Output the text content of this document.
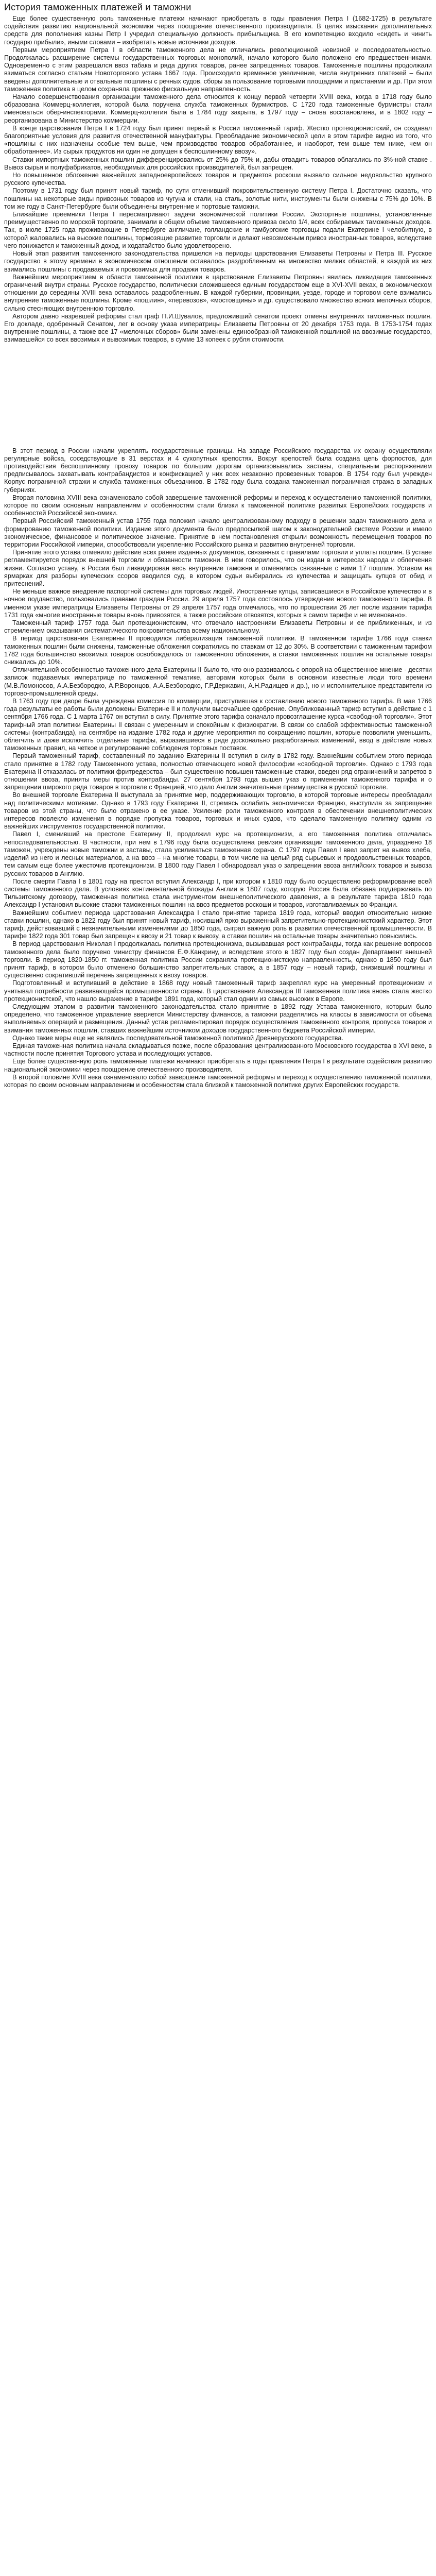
История таможенных платежей и таможни

Еще более существенную роль таможенные платежи начинают приобретать в годы правления Петра I (1682-1725) в результате содействия развитию национальной экономики через поощрение отечественного производителя. В целях изыскания дополнительных средств для пополнения казны Петр I учредил специальную должность прибыльщика. В его компетенцию входило «сидеть и чинить государю прибыли», иными словами – изобретать новые источники доходов.

Первым мероприятием Петра I в области таможенного дела не отличались революционной новизной и последовательностью. Продолжалась расширение системы государственных торговых монополий, начало которого было положено его предшественниками. Одновременно с этим разрешался ввоз табака и ряда других товаров, ранее запрещенных товаров. Таможенные пошлины продолжали взиматься согласно статьям Новоторгового устава 1667 года. Происходило временное увеличение, числа внутренних платежей – были введены дополнительные и отвальные пошлины с речных судов, сборы за пользование торговыми площадями и пристанями и др. При этом таможенная политика в целом сохраняла прежнюю фискальную направленность.

Начало совершенствования организации таможенного дела относится к концу первой четверти XVIII века, когда в 1718 году было образована Коммерц-коллегия, которой была поручена служба таможенных бурмистров. С 1720 года таможенные бурмистры стали именоваться обер-инспекторами. Коммерц-коллегия была в 1784 году закрыта, в 1797 году – снова восстановлена, и в 1802 году – реорганизована в Министерство коммерции.

В конце царствования Петра I в 1724 году был принят первый в России таможенный тариф. Жестко протекционистский, он создавал благоприятные условия для развития отечественной мануфактуры. Преобладание экономической цели в этом тарифе видно из того, что «пошлины с них назначены особые тем выше, чем производство товаров обработаннее, и наоборот, тем выше тем ниже, чем он обработаннее». Из сырых продуктов ни один не допущен к беспошлинному ввозу».

Ставки импортных таможенных пошлин дифференцировались от 25% до 75% и, дабы отвадить товаров облагались по 3%-ной ставке . Вывоз сырья и полуфабрикатов, необходимых для российских производителей, был запрещен.

Но повышенное обложение важнейших западноевропейских товаров и предметов роскоши вызвало сильное недовольство крупного русского купечества.

Поэтому в 1731 году был принят новый тариф, по сути отменивший покровительственную систему Петра I. Достаточно сказать, что пошлины на некоторые виды привозных товаров из чугуна и стали, на сталь, золотые нити, инструменты были снижены с 75% до 10%. В том же году в Санкт-Петербурге были объединены внутренние и портовые таможни.

Ближайшие преемники Петра I пересматривают задачи экономической политики России. Экспортные пошлины, установленные преимущественно по морской торговле, занимали в общем объеме таможенного привоза около 1/4, всех собираемых таможенных доходов. Так, в июле 1725 года проживающие в Петербурге англичане, голландские и гамбургские торговцы подали Екатерине I челобитную, в которой жаловались на высокие пошлины, тормозящие развитие торговли и делают невозможным привоз иностранных товаров, вследствие чего понижается и таможенный доход, и ходатайство было удовлетворено.

Новый этап развития таможенного законодательства пришелся на периоды царствования Елизаветы Петровны и Петра III. Русское государство в этому времени в экономическом отношении оставалось раздробленным на множество мелких областей, в каждой из них взимались пошлины с продаваемых и провозимых для продажи товаров.

Важнейшим мероприятием в области таможенной политики в царствование Елизаветы Петровны явилась ликвидация таможенных ограничений внутри страны. Русское государство, политически сложившееся единым государством еще в XVI-XVII веках, в экономическом отношении до середины XVIII века оставалось раздробленным. В каждой губернии, провинции, уезде, городе и торговом селе взимались внутренние таможенные пошлины. Кроме «пошлин», «перевозов», «мостовщины» и др. существовало множество всяких мелочных сборов, сильно стесняющих внутреннюю торговлю.

Автором давно назревшей реформы стал граф П.И.Шувалов, предложивший сенатом проект отмены внутренних таможенных пошлин. Его докладе, одобренный Сенатом, лег в основу указа императрицы Елизаветы Петровны от 20 декабря 1753 года. В 1753-1754 годах внутренние пошлины, а также все 17 «мелочных сборов» были заменены единообразной таможенной пошлиной на ввозимые государство, взимавшейся со всех ввозимых и вывозимых товаров, в сумме 13 копеек с рубля стоимости.

В этот период в России начали укреплять государственные границы. На западе Российского государства их охрану осуществляли регулярные войска, соседствующие в 31 верстах и 4 сухопутных крепостях. Вокруг крепостей была создана цепь форпостов, для противодействия беспошлинному провозу товаров по большим дорогам организовывались заставы, специальным распоряжением предписывалось захватывать контрабандистов и конфискацией у них всех незаконно провезенных товаров. В 1754 году был учрежден Корпус пограничной стражи и служба таможенных объездчиков. В 1782 году была создана таможенная пограничная стража в западных губерниях.

Вторая половина XVIII века ознаменовало собой завершение таможенной реформы и переход к осуществлению таможенной политики, которое по своим основным направлениям и особенностям стали близки к таможенной политике развитых Европейских государств и особенностей Российской экономики.

Первый Российский таможенный устав 1755 года положил начало централизованному подходу в решении задач таможенного дела и формированию таможенной политики. Издание этого документа было предпосылкой шагом к законодательной системе России и имело экономическое, финансовое и политическое значение. Принятие в нем постановления открыли возможность перемещения товаров по территории Российской империи, способствовали укреплению Российского рынка и развитию внутренней торговли.

Принятие этого устава отменило действие всех ранее изданных документов, связанных с правилами торговли и уплаты пошлин. В уставе регламентируется порядок внешней торговли и обязанности таможни. В нем говорилось, что он издан в интересах народа и облегчения жизни. Согласно уставу, в России был ликвидирован весь внутренние таможни и отменялись связанные с ними 17 пошлин. Уставом на ярмарках для разборы купеческих ссоров вводился суд, в котором судьи выбирались из купечества и защищать купцов от обид и притеснений.

Не меньше важное внедрение паспортной системы для торговых людей. Иностранные купцы, записавшиеся в Российское купечество и в ночное подданство, пользовались правами граждан России. 29 апреля 1757 года состоялось утверждение нового таможенного тарифа. В именном указе императрицы Елизаветы Петровны от 29 апреля 1757 года отмечалось, что по прошествии 26 лет после издания тарифа 1731 года «многие иностранные товары вновь привозятся, а также российские отвозятся, которых в самом тарифе и не именовано».

Таможенный тариф 1757 года был протекционистским, что отвечало настроениям Елизаветы Петровны и ее приближенных, и из стремлением оказывания систематического покровительства всему национальному.

В период царствования Екатерины II проводился либерализация таможенной политики. В таможенном тарифе 1766 года ставки таможенных пошлин были снижены, таможенные обложения сократились по ставкам от 12 до 30%. В соответствии с таможенным тарифом 1782 года большинство ввозимых товаров освобождалось от таможенного обложения, а ставки таможенных пошлин на остальные товары снижались до 10%.

Отличительной особенностью таможенного дела Екатерины II было то, что оно развивалось с опорой на общественное мнение - десятки записок подаваемых императрице по таможенной тематике, авторами которых были в основном известные люди того времени (М.В.Ломоносов, А.А.Безбородко, А.Р.Воронцов, А.А.Безбородко, Г.Р.Державин, А.Н.Радищев и др.), но и исполнительное представители из торгово-промышленной среды.

В 1763 году при дворе была учреждена комиссия по коммерции, приступившая к составлению нового таможенного тарифа. В мае 1766 года результаты ее работы были доложены Екатерине II и получили высочайшее одобрение. Опубликованный тариф вступил в действие с 1 сентября 1766 года. С 1 марта 1767 он вступил в силу. Принятие этого тарифа означало провозглашение курса «свободной торговли». Этот тарифный этап политики Екатерины II связан с умеренным и спокойным к физиократии. В связи со слабой эффективностью таможенной системы (контрабанда), на сентябре на издание 1782 года и другие мероприятия по сокращению пошлин, которые позволили уменьшить, облегчить и даже исключить отдельные тарифы, выразившиеся в ряде досконально разработанных изменений, ввод в действие новых таможенных правил, на четкое и регулирование соблюдения торговых поставок.

Первый таможенный тариф, составленный по заданию Екатерины II вступил в силу в 1782 году. Важнейшим событием этого периода стало принятие в 1782 году Таможенного устава, полностью отвечающего новой философии «свободной торговли». Однако с 1793 года Екатерина II отказалась от политики фритредерства – был существенно повышен таможенные ставки, введен ряд ограничений и запретов в отношении ввоза, приняты меры против контрабанды. 27 сентября 1793 года вышел указ о применении таможенного тарифа и о запрещении широкого ряда товаров в торговле с Францией, что дало Англии значительные преимущества в русской торговле.

Во внешней торговле Екатерина II выступала за принятие мер, поддерживающих торговлю, в которой торговые интересы преобладали над политическими мотивами. Однако в 1793 году Екатерина II, стремясь ослабить экономически Францию, выступила за запрещение товаров из этой страны, что было отражено в ее указе. Усиление роли таможенного контроля в обеспечении внешнеполитических интересов повлекло изменения в порядке пропуска товаров, торговых и иных судов, что сделало таможенную политику одним из важнейших инструментов государственной политики.

Павел I, сменивший на престоле Екатерину II, продолжил курс на протекционизм, а его таможенная политика отличалась непоследовательностью. В частности, при нем в 1796 году была осуществлена ревизия организации таможенного дела, упразднено 18 таможен, учреждены новые таможни и заставы, стала усиливаться таможенная охрана. С 1797 года Павел I ввел запрет на вывоз хлеба, изделий из него и лесных материалов, а на ввоз – на многие товары, в том числе на целый ряд сырьевых и продовольственных товаров, тем самым еще более ужесточив протекционизм. В 1800 году Павел I обнародовал указ о запрещении ввоза английских товаров и вывоза русских товаров в Англию.

После смерти Павла I в 1801 году на престол вступил Александр I, при котором к 1810 году было осуществлено реформирование всей системы таможенного дела. В условиях континентальной блокады Англии в 1807 году, которую Россия была обязана поддерживать по Тильзитскому договору, таможенная политика стала инструментом внешнеполитического давления, а в результате тарифа 1810 года Александр I установил высокие ставки таможенных пошлин на ввоз предметов роскоши и товаров, изготавливаемых во Франции.

Важнейшим событием периода царствования Александра I стало принятие тарифа 1819 года, который вводил относительно низкие ставки пошлин, однако в 1822 году был принят новый тариф, носивший ярко выраженный запретительно-протекционистский характер. Этот тариф, действовавший с незначительными изменениями до 1850 года, сыграл важную роль в развитии отечественной промышленности. В тарифе 1822 года 301 товар был запрещен к ввозу и 21 товар к вывозу, а ставки пошлин на остальные товары значительно повысились.

В период царствования Николая I продолжалась политика протекционизма, вызывавшая рост контрабанды, тогда как решение вопросов таможенного дела было поручено министру финансов Е.Ф.Канкрину, и вследствие этого в 1827 году был создан Департамент внешней торговли. В период 1820-1850 гг. таможенная политика России сохраняла протекционистскую направленность, однако в 1850 году был принят тариф, в котором было отменено большинство запретительных ставок, а в 1857 году – новый тариф, снизивший пошлины и существенно сокративший перечень запрещенных к ввозу товаров.

Подготовленный и вступивший в действие в 1868 году новый таможенный тариф закреплял курс на умеренный протекционизм и учитывал потребности развивающейся промышленности страны. В царствование Александра III таможенная политика вновь стала жестко протекционистской, что нашло выражение в тарифе 1891 года, который стал одним из самых высоких в Европе.

Следующим этапом в развитии таможенного законодательства стало принятие в 1892 году Устава таможенного, которым было определено, что таможенное управление вверяется Министерству финансов, а таможни разделялись на классы в зависимости от объема выполняемых операций и размещения. Данный устав регламентировал порядок осуществления таможенного контроля, пропуска товаров и взимания таможенных пошлин, ставших важнейшим источником доходов государственного бюджета Российской империи.

Однако такие меры еще не являлись последовательной таможенной политикой Древнерусского государства.

Единая таможенная политика начала складываться позже, после образования централизованного Московского государства в XVI веке, в частности после принятия Торгового устава и последующих уставов.

Еще более существенную роль таможенные платежи начинают приобретать в годы правления Петра I в результате содействия развитию национальной экономики через поощрение отечественного производителя.

В второй половине XVIII века ознаменовало собой завершение таможенной реформы и переход к осуществлению таможенной политики, которая по своим основным направлениям и особенностям стала близкой к таможенной политике других Европейских государств.
